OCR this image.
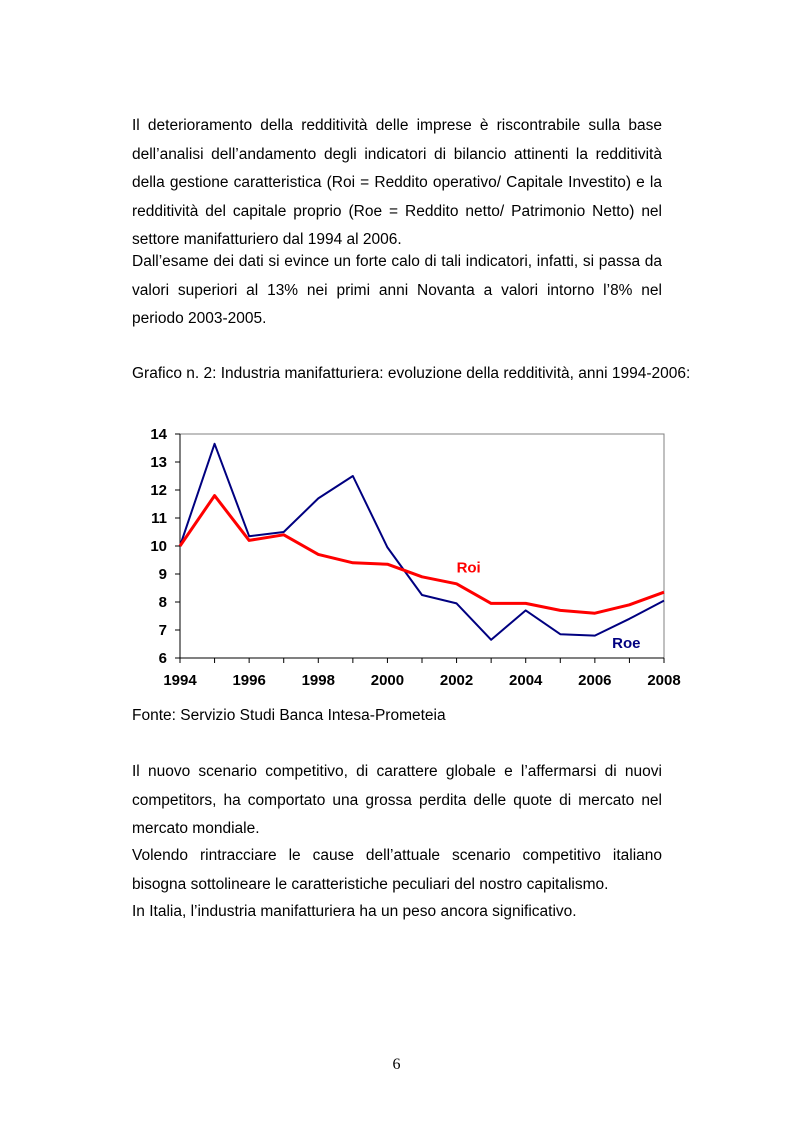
Il deterioramento della redditività delle imprese è riscontrabile sulla base dell’analisi dell’andamento degli indicatori di bilancio attinenti la redditività della gestione caratteristica (Roi = Reddito operativo/ Capitale Investito) e la redditività del capitale proprio (Roe = Reddito netto/ Patrimonio Netto) nel settore manifatturiero dal 1994 al 2006.

Dall’esame dei dati si evince un forte calo di tali indicatori, infatti, si passa da valori superiori al 13% nei primi anni Novanta a valori intorno l’8% nel periodo 2003-2005.

Grafico n. 2: Industria manifatturiera: evoluzione della redditività, anni 1994-2006:

6
7
8
9
10
11
12
13
14
1994 1996 1998 2000 2002 2004 2006 2008
Roi
Roe

Fonte: Servizio Studi Banca Intesa-Prometeia

Il nuovo scenario competitivo, di carattere globale e l’affermarsi di nuovi competitors, ha comportato una grossa perdita delle quote di mercato nel mercato mondiale.

Volendo rintracciare le cause dell’attuale scenario competitivo italiano bisogna sottolineare le caratteristiche peculiari del nostro capitalismo.

In Italia, l’industria manifatturiera ha un peso ancora significativo.

6
